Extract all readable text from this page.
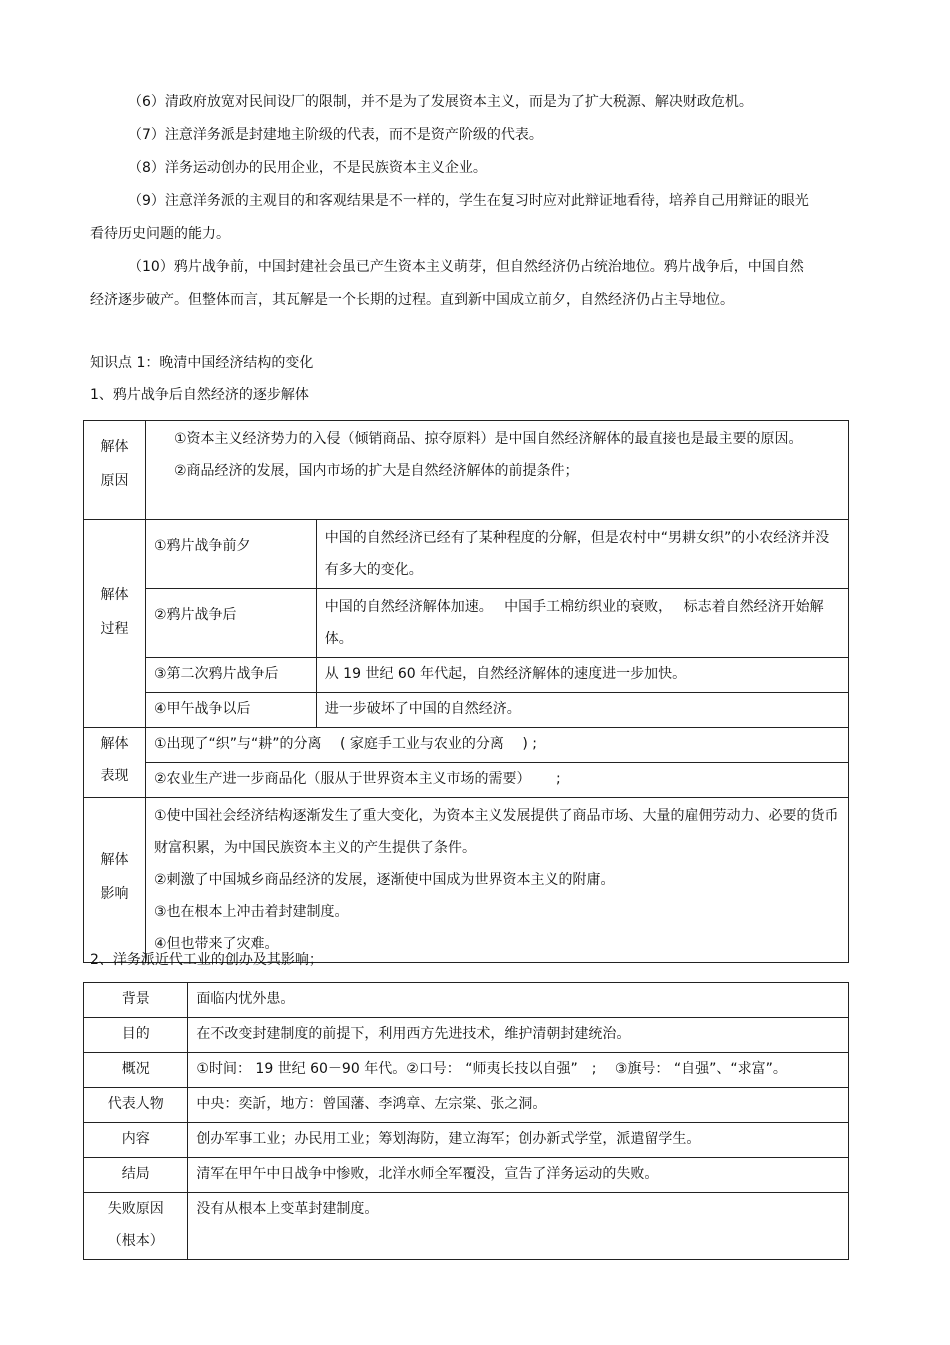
（6）清政府放宽对民间设厂的限制，并不是为了发展资本主义，而是为了扩大税源、解决财政危机。

（7）注意洋务派是封建地主阶级的代表，而不是资产阶级的代表。

（8）洋务运动创办的民用企业，不是民族资本主义企业。

（9）注意洋务派的主观目的和客观结果是不一样的，学生在复习时应对此辩证地看待，培养自己用辩证的眼光看待历史问题的能力。

（10）鸦片战争前，中国封建社会虽已产生资本主义萌芽，但自然经济仍占统治地位。鸦片战争后，中国自然经济逐步破产。但整体而言，其瓦解是一个长期的过程。直到新中国成立前夕，自然经济仍占主导地位。

知识点 1：晚清中国经济结构的变化

1、鸦片战争后自然经济的逐步解体

解体原因	①资本主义经济势力的入侵（倾销商品、掠夺原料）是中国自然经济解体的最直接也是最主要的原因。
②商品经济的发展，国内市场的扩大是自然经济解体的前提条件；	

解体过程	①鸦片战争前夕	中国的自然经济已经有了某种程度的分解，但是农村中“男耕女织”的小农经济并没有多大的变化。
	②鸦片战争后	中国的自然经济解体加速。　 中国手工棉纺织业的衰败，　 标志着自然经济开始解体。
	③第二次鸦片战争后	从 19 世纪 60 年代起，自然经济解体的速度进一步加快。
	④甲午战争以后	进一步破坏了中国的自然经济。

解体表现	①出现了“织”与“耕”的分离　 ( 家庭手工业与农业的分离　 ) ;	
	②农业生产进一步商品化（服从于世界资本主义市场的需要）　　 ;	

解体影响	①使中国社会经济结构逐渐发生了重大变化，为资本主义发展提供了商品市场、大量的雇佣劳动力、必要的货币财富积累，为中国民族资本主义的产生提供了条件。
②刺激了中国城乡商品经济的发展，逐渐使中国成为世界资本主义的附庸。
③也在根本上冲击着封建制度。
④但也带来了灾难。	

2、洋务派近代工业的创办及其影响；

背景	面临内忧外患。
目的	在不改变封建制度的前提下，利用西方先进技术，维护清朝封建统治。
概况	①时间： 19 世纪 60－90 年代。②口号： “师夷长技以自强”　;　 ③旗号： “自强”、“求富”。
代表人物	中央：奕訢，地方：曾国藩、李鸿章、左宗棠、张之洞。
内容	创办军事工业；办民用工业；筹划海防，建立海军；创办新式学堂，派遣留学生。
结局	清军在甲午中日战争中惨败，北洋水师全军覆没，宣告了洋务运动的失败。

失败原因
（根本）	没有从根本上变革封建制度。
